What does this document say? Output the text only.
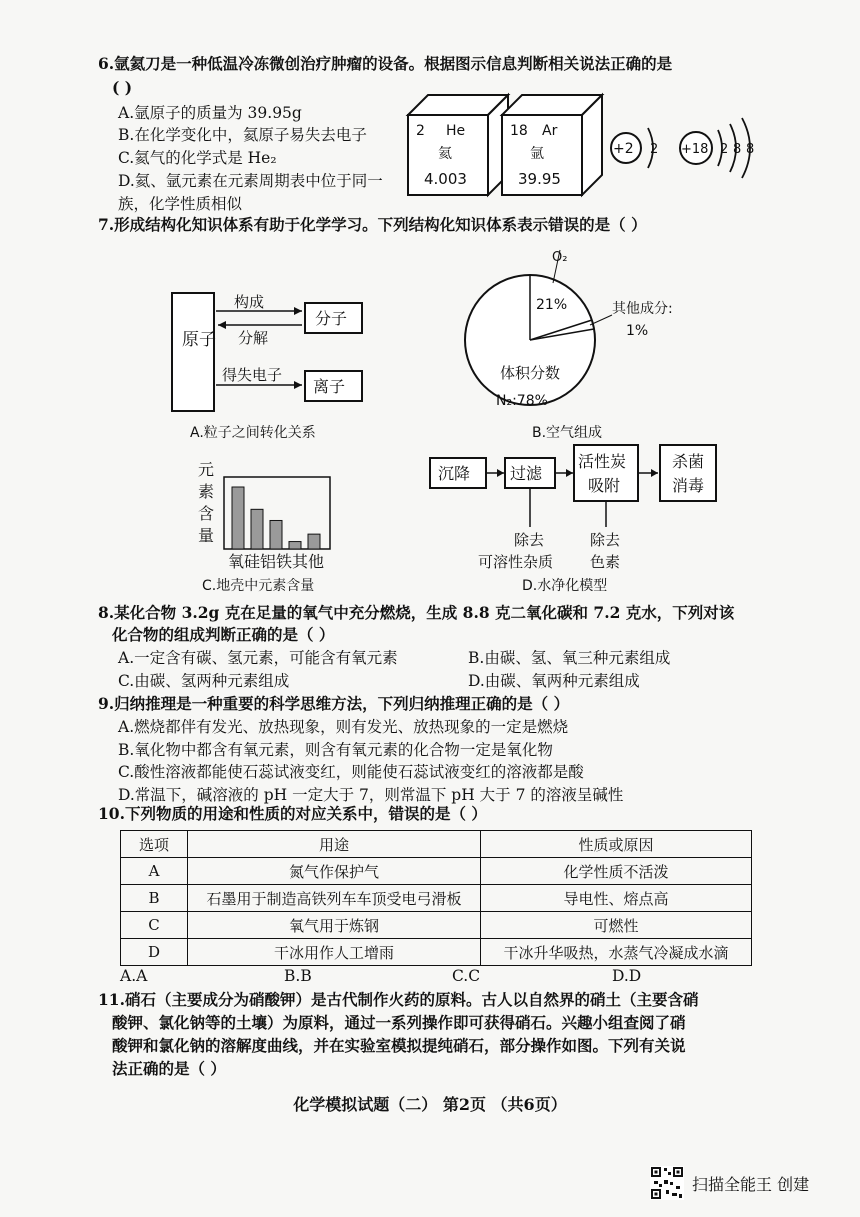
6.氩氦刀是一种低温冷冻微创治疗肿瘤的设备。根据图示信息判断相关说法正确的是
( )
A.氩原子的质量为 39.95g
B.在化学变化中，氦原子易失去电子
C.氦气的化学式是 He₂
D.氦、氩元素在元素周期表中位于同一
族，化学性质相似
2 He
氦
4.003
18 Ar
氩
39.95
+2 2 +18 2 8 8
7.形成结构化知识体系有助于化学学习。下列结构化知识体系表示错误的是（ ）
原子
分子
离子
构成
分解
得失电子
A.粒子之间转化关系
O₂
21%	其他成分:
1%
体积分数
N₂:78%
B.空气组成
元
素
含
量
氧硅铝铁其他
C.地壳中元素含量
沉降 过滤
活性炭
吸附
杀菌
消毒
除去
可溶性杂质
除去
色素
D.水净化模型
8.某化合物 3.2g 克在足量的氧气中充分燃烧，生成 8.8 克二氧化碳和 7.2 克水，下列对该
化合物的组成判断正确的是（ ）
A.一定含有碳、氢元素，可能含有氧元素	B.由碳、氢、氧三种元素组成
C.由碳、氢两种元素组成	D.由碳、氧两种元素组成
9.归纳推理是一种重要的科学思维方法，下列归纳推理正确的是（ ）
A.燃烧都伴有发光、放热现象，则有发光、放热现象的一定是燃烧
B.氧化物中都含有氧元素，则含有氧元素的化合物一定是氧化物
C.酸性溶液都能使石蕊试液变红，则能使石蕊试液变红的溶液都是酸
D.常温下，碱溶液的 pH 一定大于 7，则常温下 pH 大于 7 的溶液呈碱性
10.下列物质的用途和性质的对应关系中，错误的是（ ）
选项	用途	性质或原因
A	氮气作保护气	化学性质不活泼
B	石墨用于制造高铁列车车顶受电弓滑板	导电性、熔点高
C	氧气用于炼钢	可燃性
D	干冰用作人工增雨	干冰升华吸热，水蒸气冷凝成水滴
A.A	B.B	C.C	D.D
11.硝石（主要成分为硝酸钾）是古代制作火药的原料。古人以自然界的硝土（主要含硝
酸钾、氯化钠等的土壤）为原料，通过一系列操作即可获得硝石。兴趣小组查阅了硝
酸钾和氯化钠的溶解度曲线，并在实验室模拟提纯硝石，部分操作如图。下列有关说
法正确的是（ ）
化学模拟试题（二） 第2页 （共6页）
扫描全能王 创建
